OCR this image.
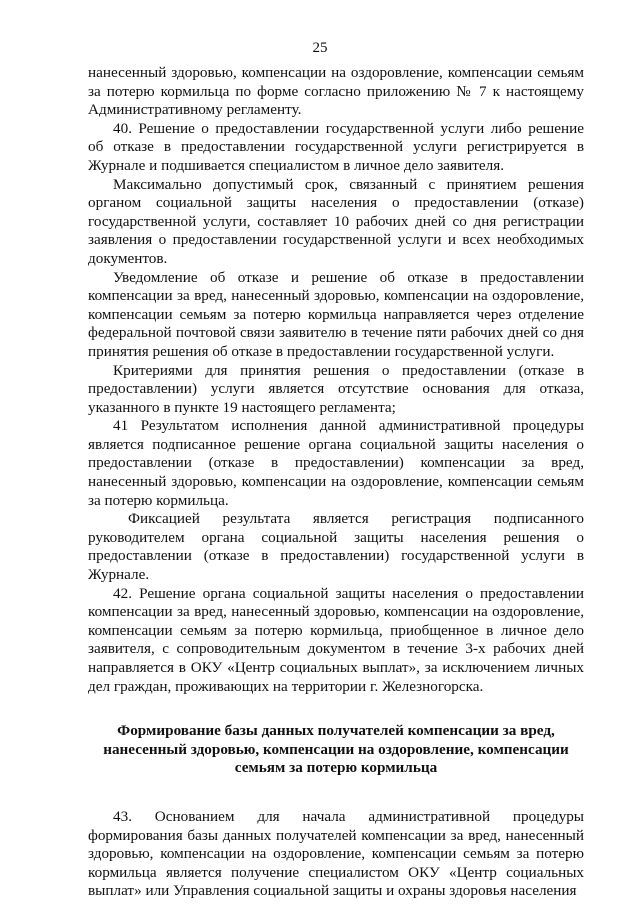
25

нанесенный здоровью, компенсации на оздоровление, компенсации семьям за потерю кормильца по форме согласно приложению № 7 к настоящему Административному регламенту.

40. Решение о предоставлении государственной услуги либо решение об отказе в предоставлении государственной услуги регистрируется в Журнале и подшивается специалистом в личное дело заявителя.

Максимально допустимый срок, связанный с принятием решения органом социальной защиты населения о предоставлении (отказе) государственной услуги, составляет 10 рабочих дней со дня регистрации заявления о предоставлении государственной услуги и всех необходимых документов.

Уведомление об отказе и решение об отказе в предоставлении компенсации за вред, нанесенный здоровью, компенсации на оздоровление, компенсации семьям за потерю кормильца направляется через отделение федеральной почтовой связи заявителю в течение пяти рабочих дней со дня принятия решения об отказе в предоставлении государственной услуги.

Критериями для принятия решения о предоставлении (отказе в предоставлении) услуги является отсутствие основания для отказа, указанного в пункте 19 настоящего регламента;

41 Результатом исполнения данной административной процедуры является подписанное решение органа социальной защиты населения о предоставлении (отказе в предоставлении) компенсации за вред, нанесенный здоровью, компенсации на оздоровление, компенсации семьям за потерю кормильца.

Фиксацией результата является регистрация подписанного руководителем органа социальной защиты населения решения о предоставлении (отказе в предоставлении) государственной услуги в Журнале.

42. Решение органа социальной защиты населения о предоставлении компенсации за вред, нанесенный здоровью, компенсации на оздоровление, компенсации семьям за потерю кормильца, приобщенное в личное дело заявителя, с сопроводительным документом в течение 3-х рабочих дней направляется в ОКУ «Центр социальных выплат», за исключением личных дел граждан, проживающих на территории г. Железногорска.

Формирование базы данных получателей компенсации за вред, нанесенный здоровью, компенсации на оздоровление, компенсации семьям за потерю кормильца

43. Основанием для начала административной процедуры формирования базы данных получателей компенсации за вред, нанесенный здоровью, компенсации на оздоровление, компенсации семьям за потерю кормильца является получение специалистом ОКУ «Центр социальных выплат» или Управления социальной защиты и охраны здоровья населения
